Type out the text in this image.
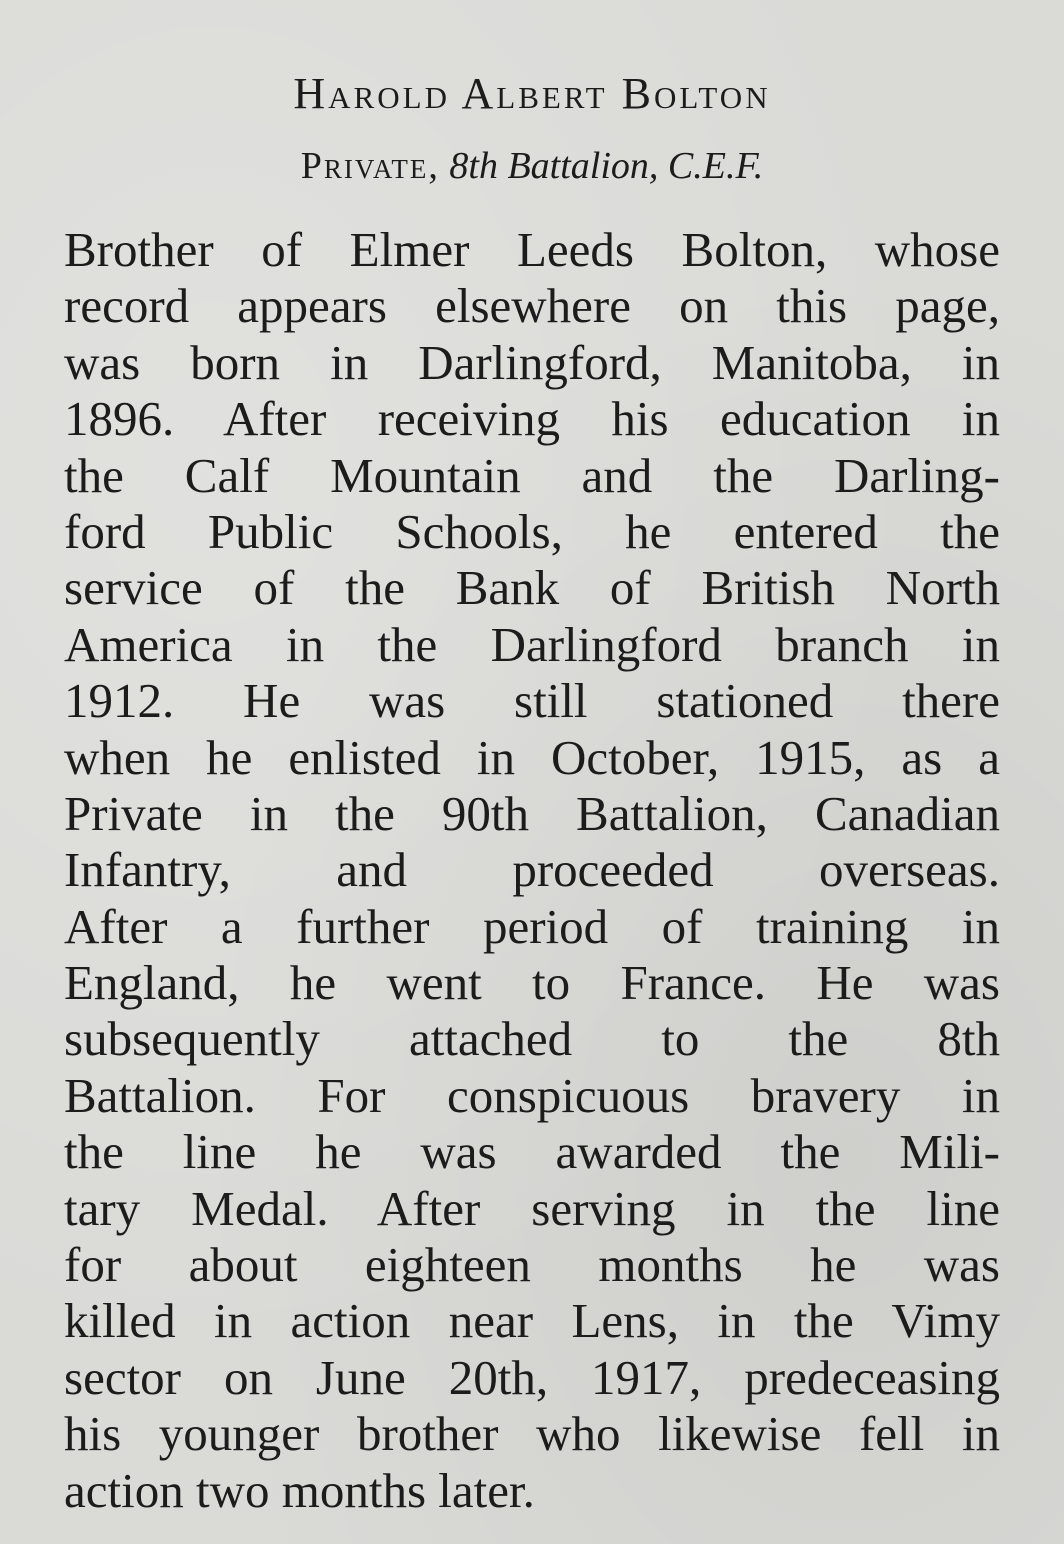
Harold Albert Bolton
Private, 8th Battalion, C.E.F.
Brother of Elmer Leeds Bolton, whose
record appears elsewhere on this page,
was born in Darlingford, Manitoba, in
1896. After receiving his education in
the Calf Mountain and the Darling-
ford Public Schools, he entered the
service of the Bank of British North
America in the Darlingford branch in
1912. He was still stationed there
when he enlisted in October, 1915, as a
Private in the 90th Battalion, Canadian
Infantry, and proceeded overseas.
After a further period of training in
England, he went to France. He was
subsequently attached to the 8th
Battalion. For conspicuous bravery in
the line he was awarded the Mili-
tary Medal. After serving in the line
for about eighteen months he was
killed in action near Lens, in the Vimy
sector on June 20th, 1917, predeceasing
his younger brother who likewise fell in
action two months later.
